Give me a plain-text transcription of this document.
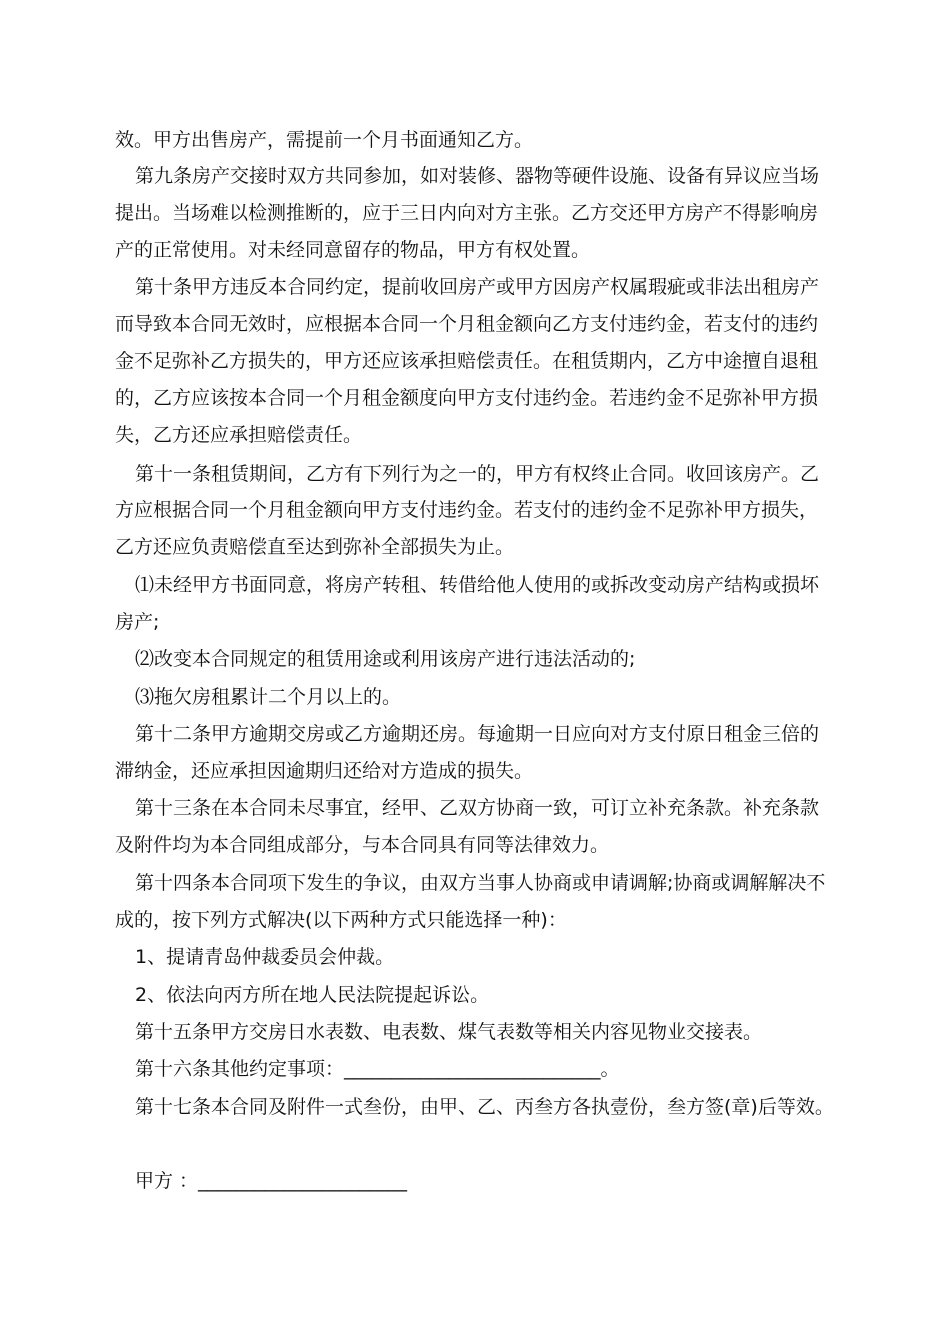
效。甲方出售房产，需提前一个月书面通知乙方。
第九条房产交接时双方共同参加，如对装修、器物等硬件设施、设备有异议应当场
提出。当场难以检测推断的，应于三日内向对方主张。乙方交还甲方房产不得影响房
产的正常使用。对未经同意留存的物品，甲方有权处置。
第十条甲方违反本合同约定，提前收回房产或甲方因房产权属瑕疵或非法出租房产
而导致本合同无效时，应根据本合同一个月租金额向乙方支付违约金，若支付的违约
金不足弥补乙方损失的，甲方还应该承担赔偿责任。在租赁期内，乙方中途擅自退租
的，乙方应该按本合同一个月租金额度向甲方支付违约金。若违约金不足弥补甲方损
失，乙方还应承担赔偿责任。
第十一条租赁期间，乙方有下列行为之一的，甲方有权终止合同。收回该房产。乙
方应根据合同一个月租金额向甲方支付违约金。若支付的违约金不足弥补甲方损失，
乙方还应负责赔偿直至达到弥补全部损失为止。
⑴未经甲方书面同意，将房产转租、转借给他人使用的或拆改变动房产结构或损坏
房产;
⑵改变本合同规定的租赁用途或利用该房产进行违法活动的;
⑶拖欠房租累计二个月以上的。
第十二条甲方逾期交房或乙方逾期还房。每逾期一日应向对方支付原日租金三倍的
滞纳金，还应承担因逾期归还给对方造成的损失。
第十三条在本合同未尽事宜，经甲、乙双方协商一致，可订立补充条款。补充条款
及附件均为本合同组成部分，与本合同具有同等法律效力。
第十四条本合同项下发生的争议，由双方当事人协商或申请调解;协商或调解解决不
成的，按下列方式解决(以下两种方式只能选择一种)：
1、提请青岛仲裁委员会仲裁。
2、依法向丙方所在地人民法院提起诉讼。
第十五条甲方交房日水表数、电表数、煤气表数等相关内容见物业交接表。
第十六条其他约定事项：___________________________。
第十七条本合同及附件一式叁份，由甲、乙、丙叁方各执壹份，叁方签(章)后等效。
甲方 ：______________________
